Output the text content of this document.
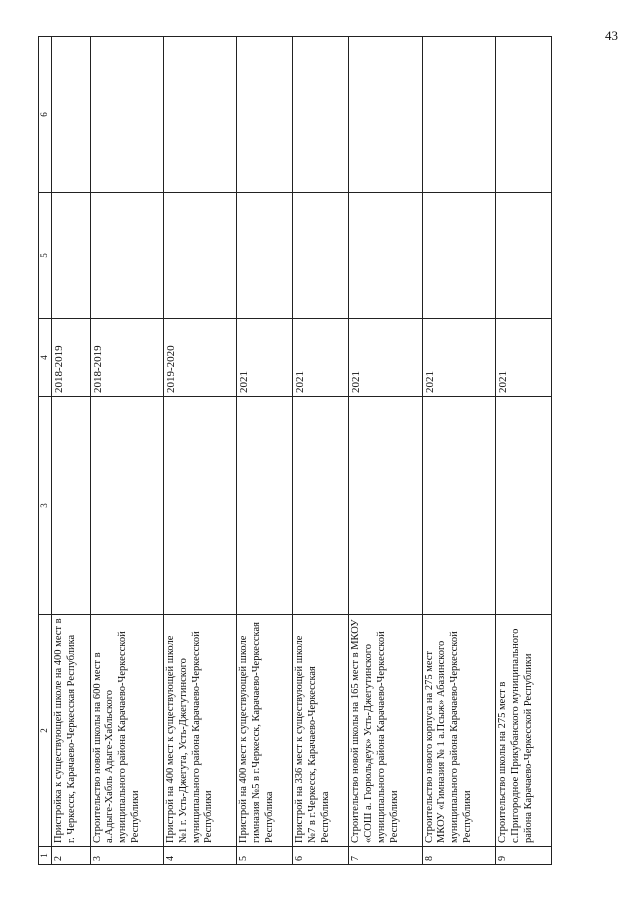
43
1	2	3	4	5	6
2	Пристройка к существующей школе на 400 мест в г. Черкесск, Карачаево-Черкесская Республика		2018-2019		
3	Строительство новой школы на 600 мест в а.Адыге-Хабль Адыге-Хабльского муниципального района Карачаево-Черкесской Республики		2018-2019		
4	Пристрой на 400 мест к существующей школе №1 г. Усть-Джегута, Усть-Джегутинского муниципального района Карачаево-Черкесской Республики		2019-2020		
5	Пристрой на 400 мест к существующей школе гимназия №5 в г.Черкесск, Карачаево-Черкесская Республика		2021		
6	Пристрой на 336 мест к существующей школе №7 в г.Черкесск, Карачаево-Черкесская Республика		2021		
7	Строительство новой школы на 165 мест в МКОУ «СОШ а. Гюрюльдеук» Усть-Джегутинского муниципального района Карачаево-Черкесской Республики		2021		
8	Строительство нового корпуса на 275 мест МКОУ «Гимназия № 1 а.Псыж» Абазинского муниципального района Карачаево-Черкесской Республики		2021		
9	Строительство школы на 275 мест в с.Пригородное Прикубанского муниципального района Карачаево-Черкесской Республики		2021		
